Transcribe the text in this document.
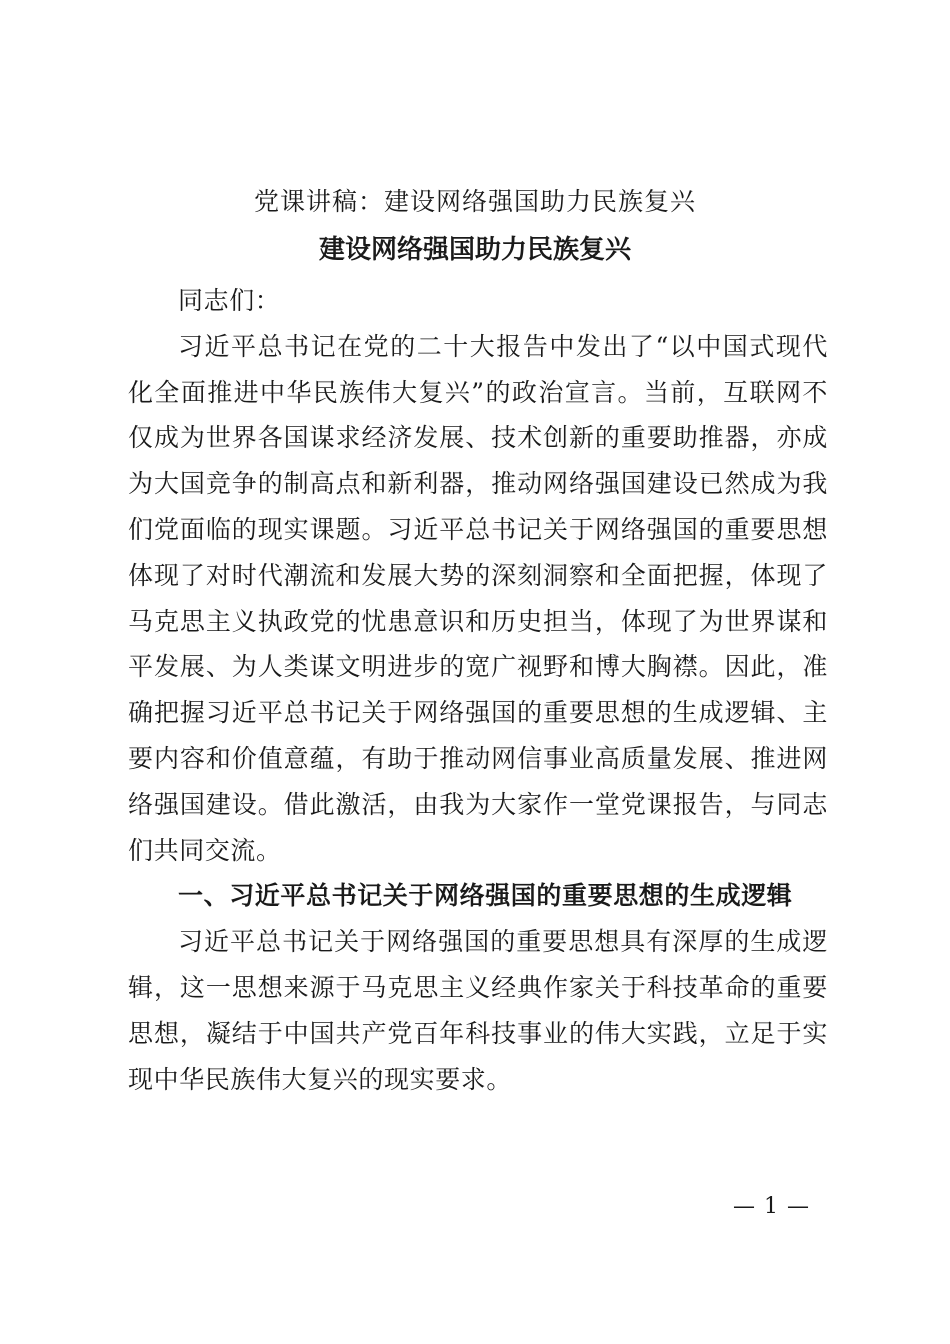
党课讲稿：建设网络强国助力民族复兴
建设网络强国助力民族复兴

同志们：

习近平总书记在党的二十大报告中发出了“以中国式现代化全面推进中华民族伟大复兴”的政治宣言。当前，互联网不仅成为世界各国谋求经济发展、技术创新的重要助推器，亦成为大国竞争的制高点和新利器，推动网络强国建设已然成为我们党面临的现实课题。习近平总书记关于网络强国的重要思想体现了对时代潮流和发展大势的深刻洞察和全面把握，体现了马克思主义执政党的忧患意识和历史担当，体现了为世界谋和平发展、为人类谋文明进步的宽广视野和博大胸襟。因此，准确把握习近平总书记关于网络强国的重要思想的生成逻辑、主要内容和价值意蕴，有助于推动网信事业高质量发展、推进网络强国建设。借此激活，由我为大家作一堂党课报告，与同志们共同交流。

一、习近平总书记关于网络强国的重要思想的生成逻辑

习近平总书记关于网络强国的重要思想具有深厚的生成逻辑，这一思想来源于马克思主义经典作家关于科技革命的重要思想，凝结于中国共产党百年科技事业的伟大实践，立足于实现中华民族伟大复兴的现实要求。

— 1 —
